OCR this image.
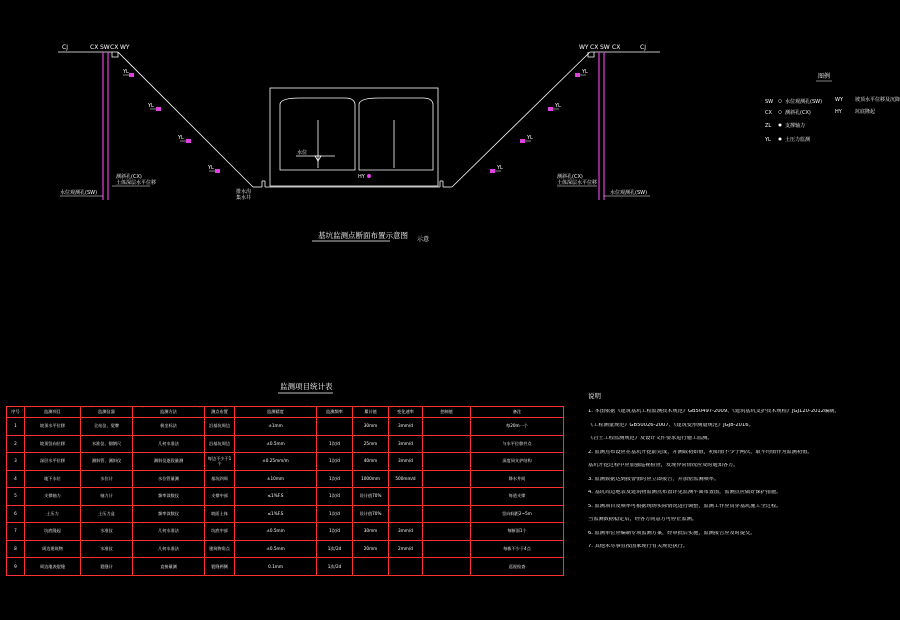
CJ	CX SW CX WY	WY CX SW CX	CJ
YL
YL
YL
YL
YL
YL
YL
YL
测斜孔(CX)
土体深层水平位移
水位观测孔(SW)
测斜孔(CX)
土体深层水平位移
水位观测孔(SW)
HY
水位
排水沟
集水井
基坑监测点断面布置示意图 示意
图例
SW 水位观测孔(SW)
CX	测斜孔(CX)
ZL	支撑轴力
WY 坡顶水平位移及沉降
HY	坑底隆起
YL	土压力监测
监测项目统计表
序号	监测项目	监测仪器	监测方法	测点布置	监测精度	监测频率	累计值	变化速率	控制值	备注
1	坡顶水平位移	全站仪、觉牌	极坐标法	沿基坑周边	±1mm		30mm	3mm/d		每20m一个
2	坡顶竖向位移	水准仪、铟钢尺	几何水准法	沿基坑周边	±0.5mm	1次/d	25mm	3mm/d		与水平位移共点
3	深层水平位移	测斜管、测斜仪	测斜仪逐段量测	每边不少于1个	±0.25mm/m	1次/d	40mm	3mm/d		深度同支护结构
4	地下水位	水位计	水位管量测	基坑四周	±10mm	1次/d	1000mm	500mm/d		降水井间
5	支撑轴力	轴力计	频率读数仪	支撑中部	≤1%F.S	1次/d	设计值70%			每道支撑
6	土压力	土压力盒	频率读数仪	坡面土体	≤1%F.S	1次/d	设计值70%			竖向间距2~5m
7	坑底隆起	水准仪	几何水准法	坑底中部	±0.5mm	1次/d	30mm	3mm/d		每断面1个
8	周边建筑物	水准仪	几何水准法	建筑物角点	±0.5mm	1次/2d	20mm	2mm/d		每栋不少于4点
9	周边地表裂缝	裂缝计	直接量测	裂缝两侧	0.1mm	1次/2d				巡视检查
说明
1. 本图依据《建筑基坑工程监测技术规范》GB50497-2009、《建筑基坑支护技术规程》JGJ120-2012编制。
《工程测量规范》GB50026-2007、《建筑变形测量规范》JGJ8-2016。
《岩土工程监测规范》及设计文件要求进行施工监测。
2. 监测点布设应在基坑开挖前完成，并测取初始值，初始值不少于两次，取平均值作为监测初值。
基坑开挖过程中应加强巡视检查，发现异常情况应及时通知各方。
3. 监测数据达到报警值时应立即报告，并加密监测频率。
4. 基坑周边地表及建筑物监测点布置详见监测平面布置图，监测点应做好保护措施。
5. 监测项目及频率可根据现场实际情况进行调整，监测工作应贯穿基坑施工全过程。
当监测数据稳定后，经各方同意方可停止监测。
6. 监测单位应编制专项监测方案，经审批后实施，监测报告应及时提交。
7. 其他未尽事宜按国家现行有关规范执行。
